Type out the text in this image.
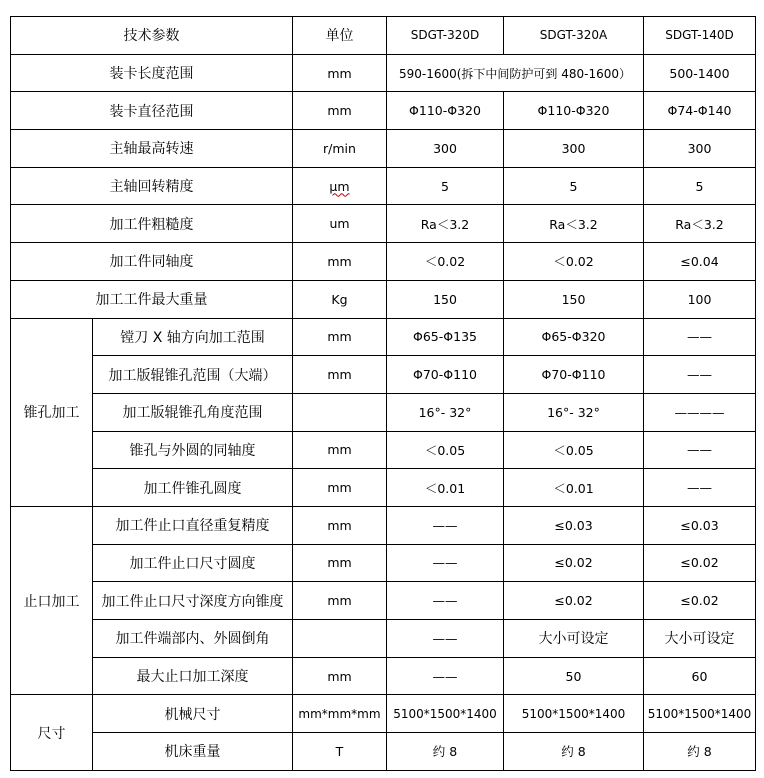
技术参数		单位	SDGT-320D	SDGT-320A	SDGT-140D
装卡长度范围		mm	590-1600(拆下中间防护可到 480-1600）		500-1400
装卡直径范围		mm	Φ110-Φ320	Φ110-Φ320	Φ74-Φ140
主轴最高转速		r/min	300	300	300
主轴回转精度		μm	5	5	5
加工件粗糙度		um	Ra＜3.2	Ra＜3.2	Ra＜3.2
加工件同轴度		mm	＜0.02	＜0.02	≤0.04
加工工件最大重量		Kg	150	150	100
锥孔加工	镗刀 X 轴方向加工范围	mm	Φ65-Φ135	Φ65-Φ320	——
	加工版辊锥孔范围（大端）	mm	Φ70-Φ110	Φ70-Φ110	——
	加工版辊锥孔角度范围		16°- 32°	16°- 32°	————
	锥孔与外圆的同轴度	mm	＜0.05	＜0.05	——
	加工件锥孔圆度	mm	＜0.01	＜0.01	——
止口加工	加工件止口直径重复精度	mm	——	≤0.03	≤0.03
	加工件止口尺寸圆度	mm	——	≤0.02	≤0.02
	加工件止口尺寸深度方向锥度	mm	——	≤0.02	≤0.02
	加工件端部内、外圆倒角		——	大小可设定	大小可设定
	最大止口加工深度	mm	——	50	60
尺寸	机械尺寸	mm*mm*mm	5100*1500*1400	5100*1500*1400	5100*1500*1400
	机床重量	T	约 8	约 8	约 8
